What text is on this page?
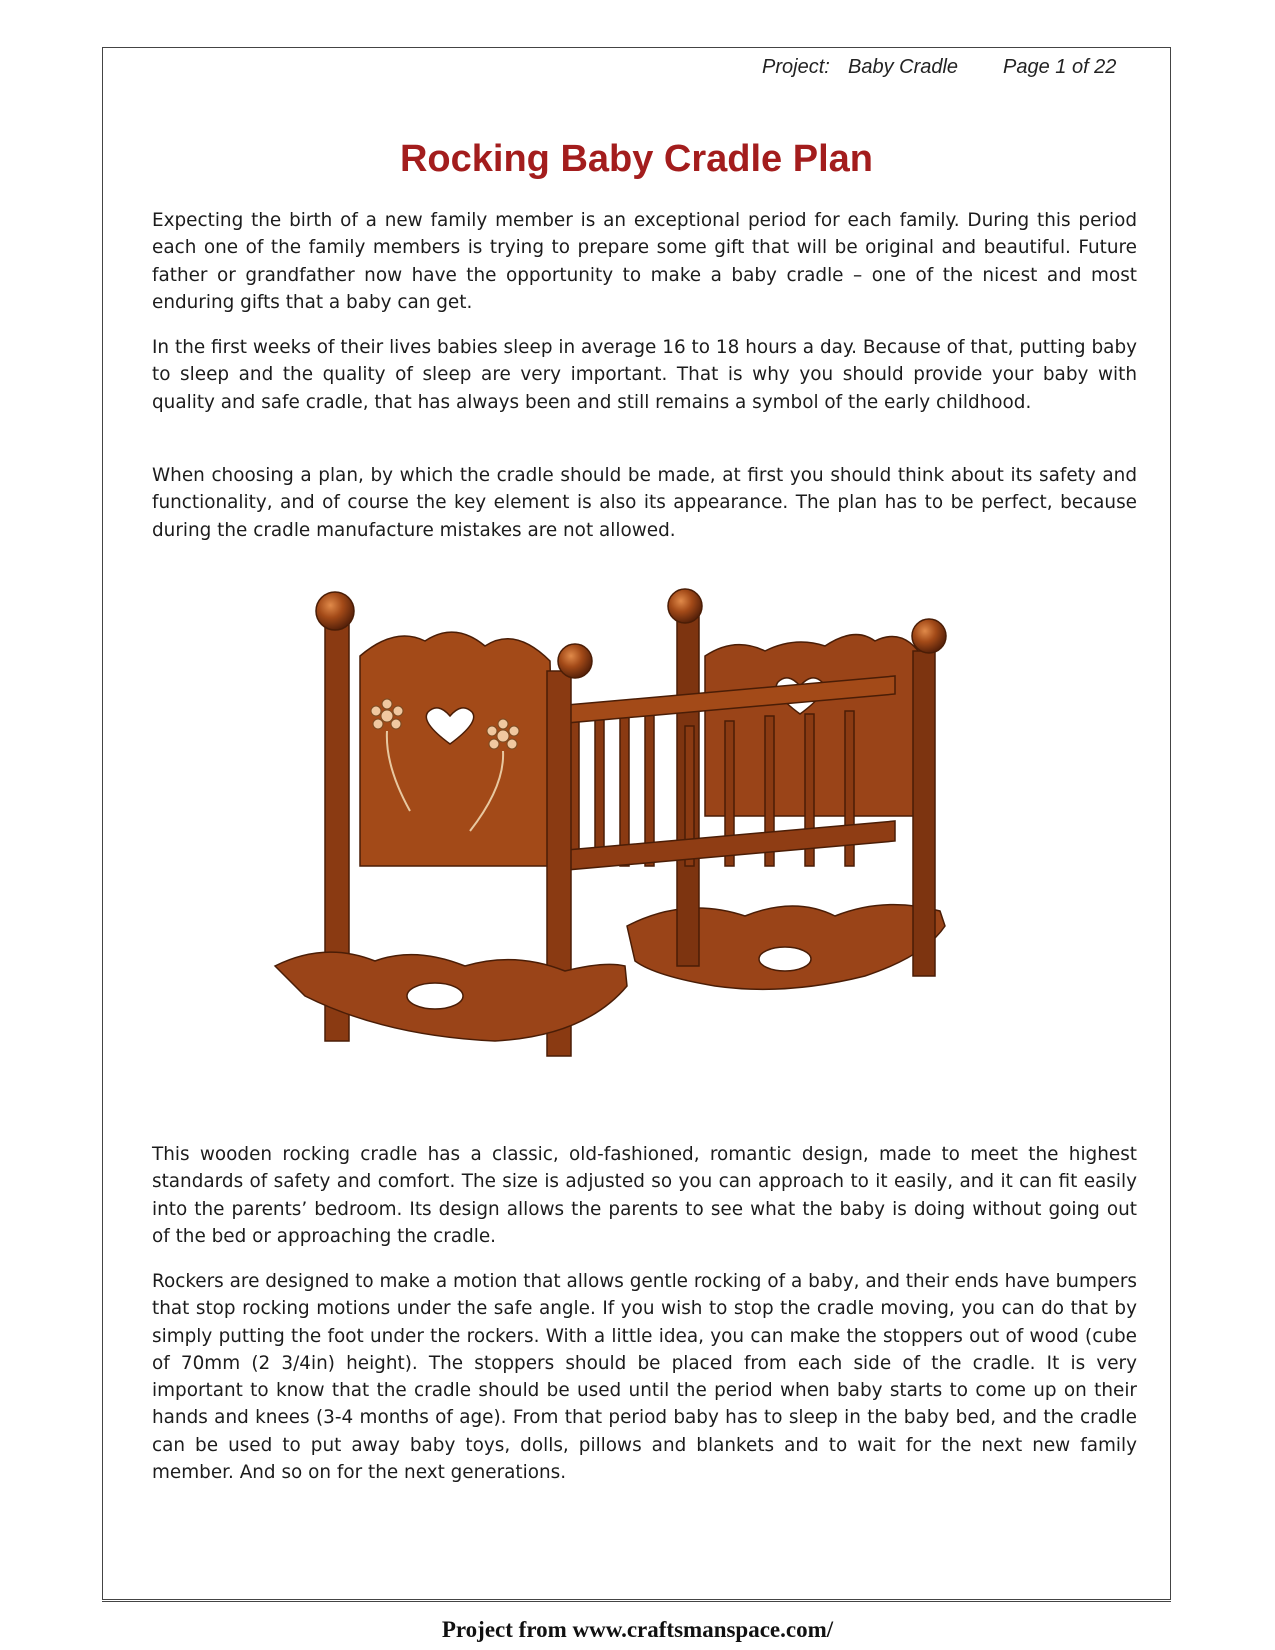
Project: Baby Cradle Page 1 of 22
Rocking Baby Cradle Plan

Expecting the birth of a new family member is an exceptional period for each family. During this period each one of the family members is trying to prepare some gift that will be original and beautiful. Future father or grandfather now have the opportunity to make a baby cradle – one of the nicest and most enduring gifts that a baby can get.

In the first weeks of their lives babies sleep in average 16 to 18 hours a day. Because of that, putting baby to sleep and the quality of sleep are very important. That is why you should provide your baby with quality and safe cradle, that has always been and still remains a symbol of the early childhood.

When choosing a plan, by which the cradle should be made, at first you should think about its safety and functionality, and of course the key element is also its appearance. The plan has to be perfect, because during the cradle manufacture mistakes are not allowed.

This wooden rocking cradle has a classic, old-fashioned, romantic design, made to meet the highest standards of safety and comfort. The size is adjusted so you can approach to it easily, and it can fit easily into the parents’ bedroom. Its design allows the parents to see what the baby is doing without going out of the bed or approaching the cradle.

Rockers are designed to make a motion that allows gentle rocking of a baby, and their ends have bumpers that stop rocking motions under the safe angle. If you wish to stop the cradle moving, you can do that by simply putting the foot under the rockers. With a little idea, you can make the stoppers out of wood (cube of 70mm (2 3/4in) height). The stoppers should be placed from each side of the cradle. It is very important to know that the cradle should be used until the period when baby starts to come up on their hands and knees (3-4 months of age). From that period baby has to sleep in the baby bed, and the cradle can be used to put away baby toys, dolls, pillows and blankets and to wait for the next new family member. And so on for the next generations.

Project from www.craftsmanspace.com/
